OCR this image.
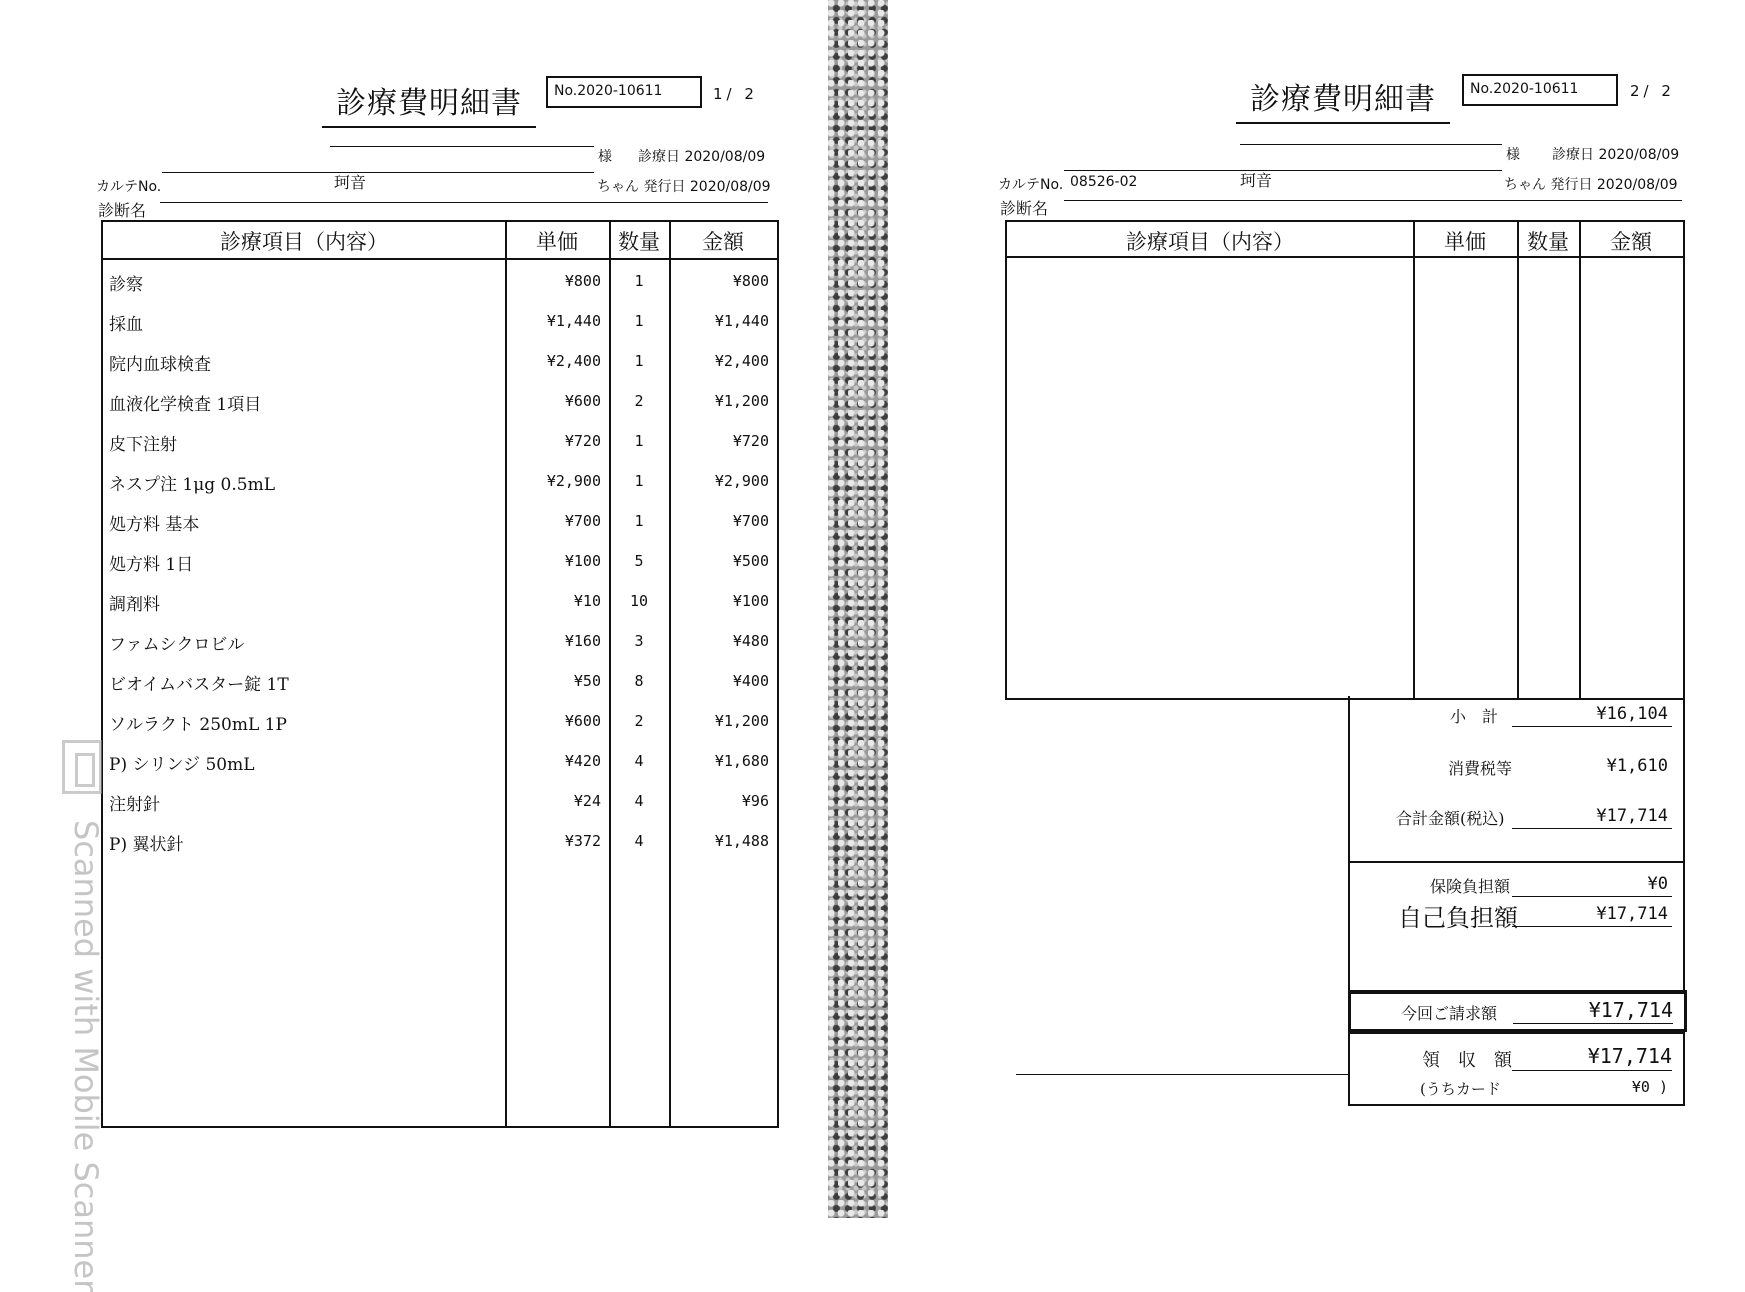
診療費明細書	No.2020-10611	1/ 2
様 診療日 2020/08/09
カルテNo.	珂音	ちゃん 発行日 2020/08/09
診断名
診療項目（内容）	単価	数量	金額
診察	¥800	1	¥800
採血	¥1,440	1	¥1,440
院内血球検査	¥2,400	1	¥2,400
血液化学検査 1項目	¥600	2	¥1,200
皮下注射	¥720	1	¥720
ネスプ注 1μg 0.5mL	¥2,900	1	¥2,900
処方料 基本	¥700	1	¥700
処方料 1日	¥100	5	¥500
調剤料	¥10	10	¥100
ファムシクロビル	¥160	3	¥480
ビオイムバスター錠 1T	¥50	8	¥400
ソルラクト 250mL 1P	¥600	2	¥1,200
P) シリンジ 50mL	¥420	4	¥1,680
注射針	¥24	4	¥96
P) 翼状針	¥372	4	¥1,488
Scanned with Mobile Scanner
診療費明細書	No.2020-10611	2/ 2
様 診療日 2020/08/09
カルテNo. 08526-02	珂音	ちゃん 発行日 2020/08/09
診断名
診療項目（内容）	単価	数量	金額
小　計	¥16,104
消費税等	¥1,610
合計金額(税込)	¥17,714
保険負担額	¥0
自己負担額	¥17,714
今回ご請求額	¥17,714
領　収　額	¥17,714
(うちカード	¥0 )
